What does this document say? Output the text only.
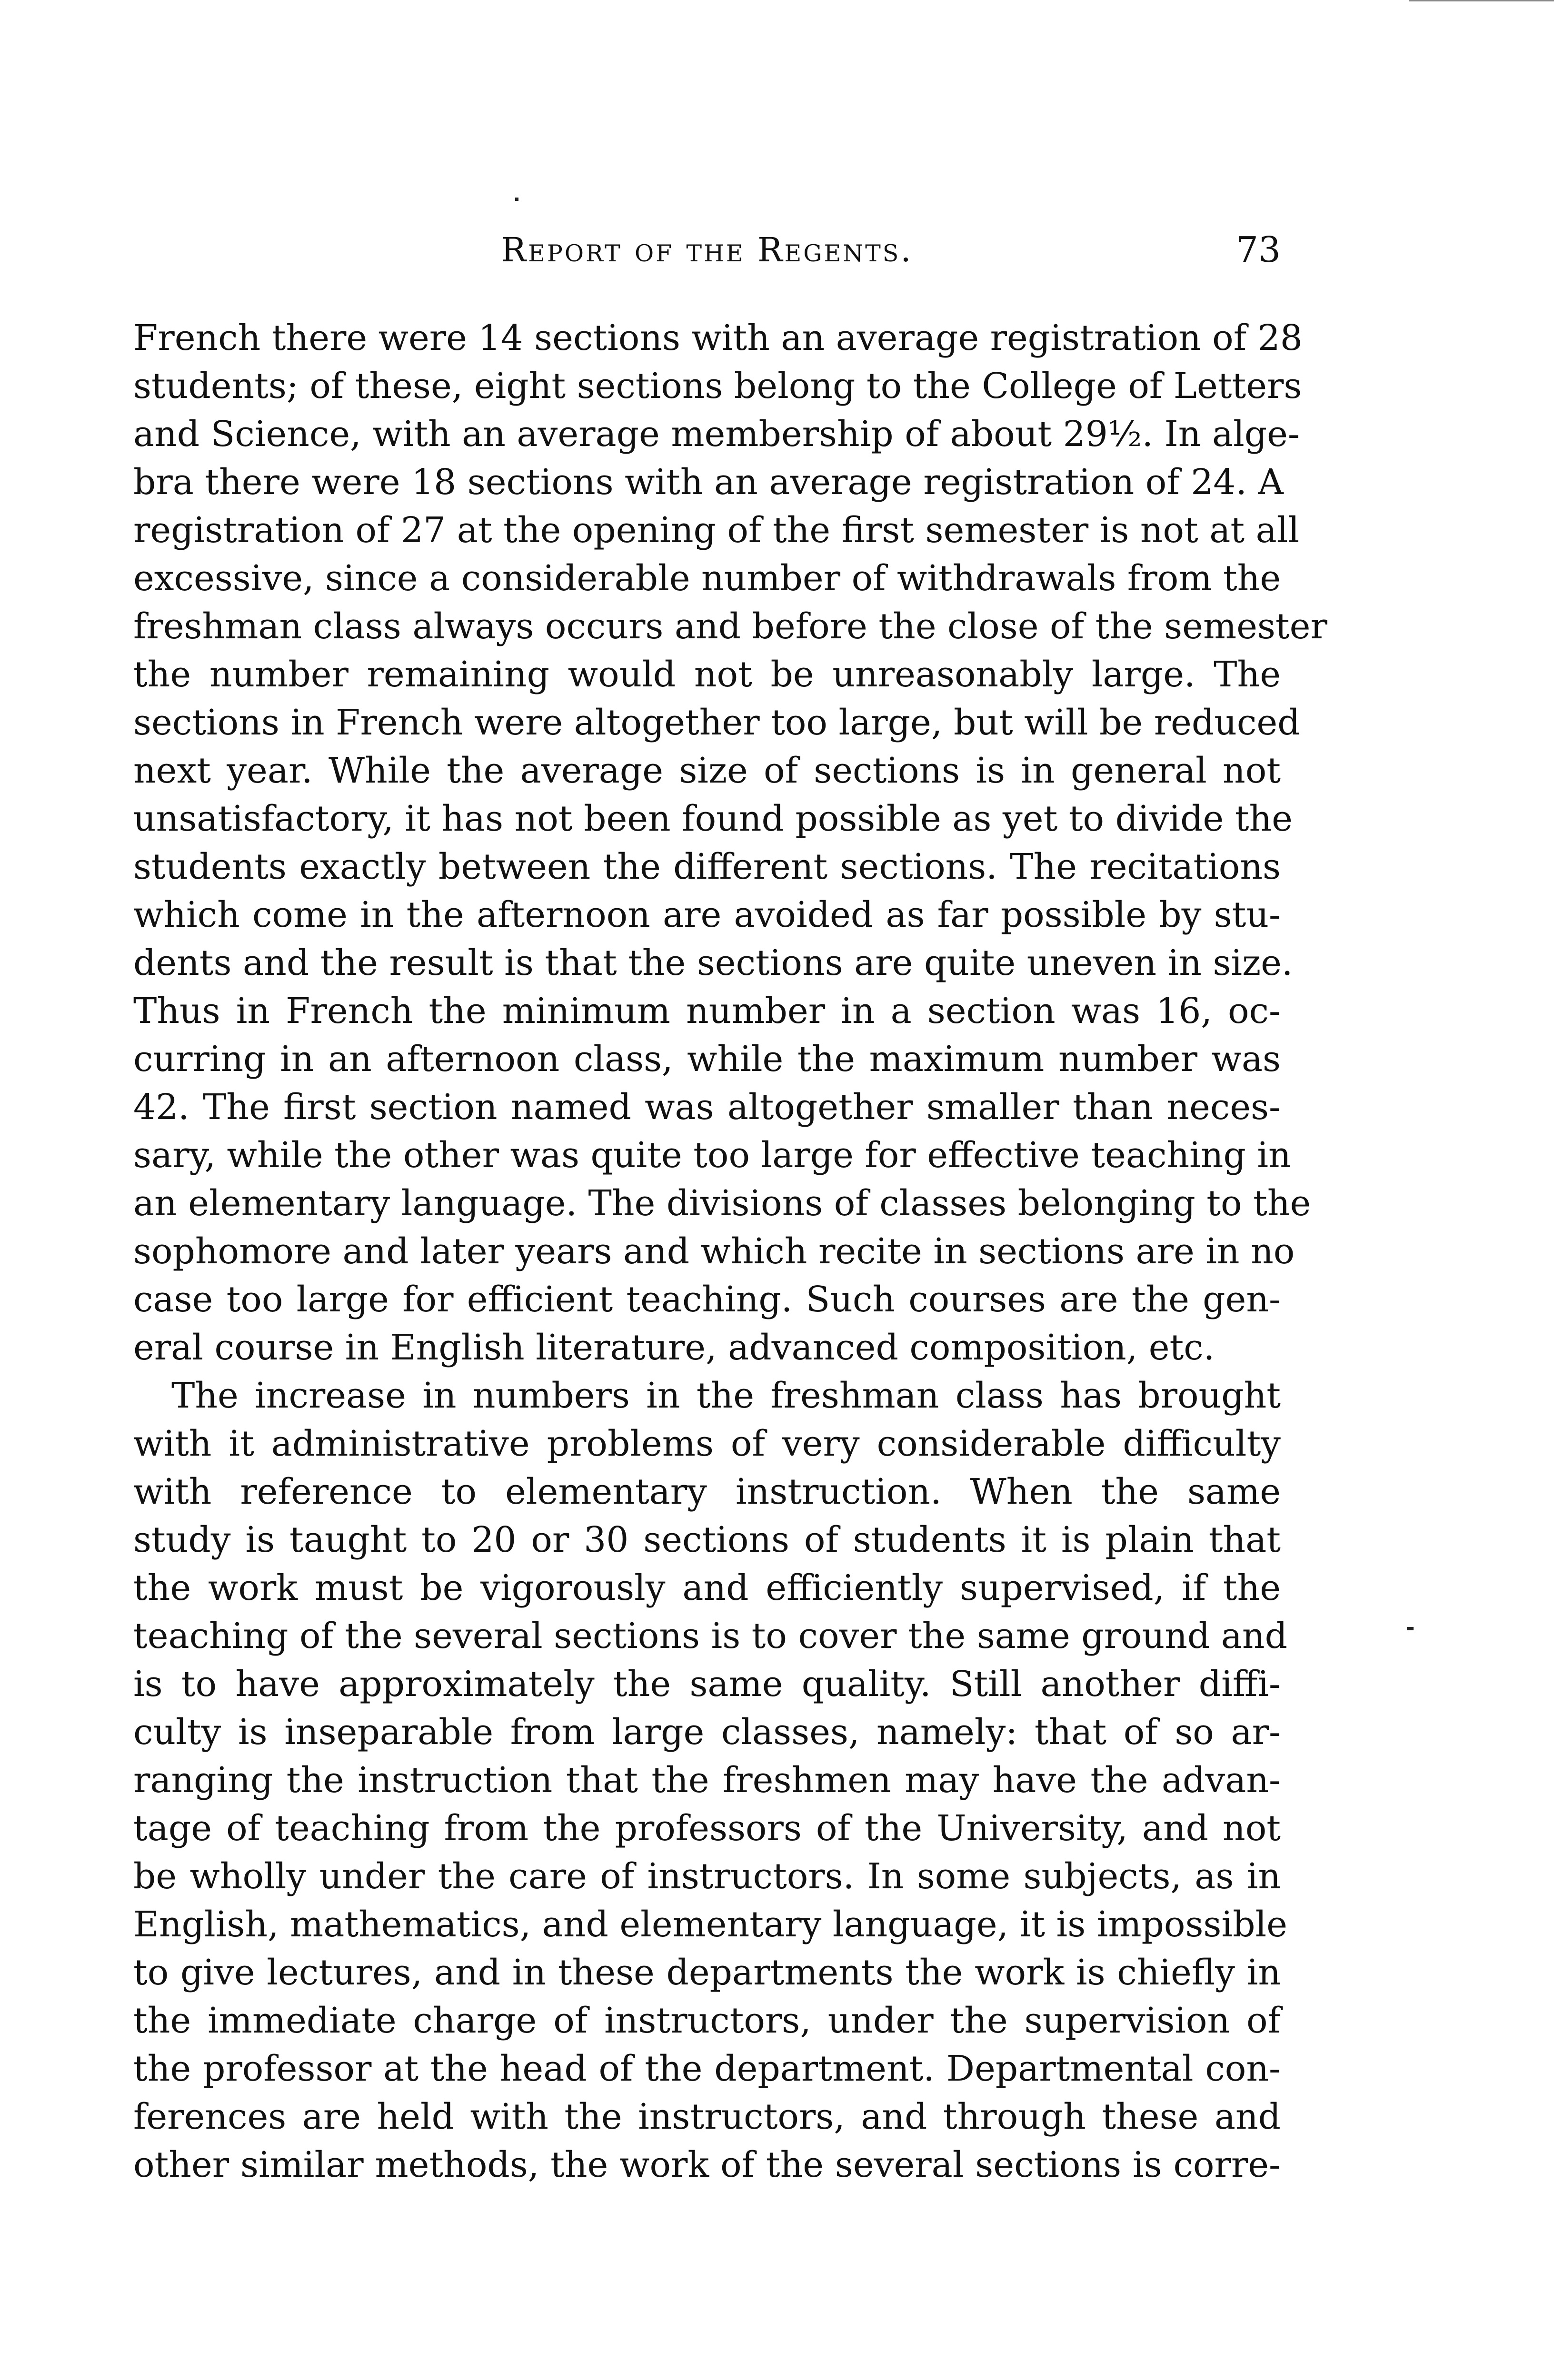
Report of the Regents.	73
French there were 14 sections with an average registration of 28
students; of these, eight sections belong to the College of Letters
and Science, with an average membership of about 29½. In alge-
bra there were 18 sections with an average registration of 24. A
registration of 27 at the opening of the first semester is not at all
excessive, since a considerable number of withdrawals from the
freshman class always occurs and before the close of the semester
the number remaining would not be unreasonably large. The
sections in French were altogether too large, but will be reduced
next year. While the average size of sections is in general not
unsatisfactory, it has not been found possible as yet to divide the
students exactly between the different sections. The recitations
which come in the afternoon are avoided as far possible by stu-
dents and the result is that the sections are quite uneven in size.
Thus in French the minimum number in a section was 16, oc-
curring in an afternoon class, while the maximum number was
42. The first section named was altogether smaller than neces-
sary, while the other was quite too large for effective teaching in
an elementary language. The divisions of classes belonging to the
sophomore and later years and which recite in sections are in no
case too large for efficient teaching. Such courses are the gen-
eral course in English literature, advanced composition, etc.
The increase in numbers in the freshman class has brought
with it administrative problems of very considerable difficulty
with reference to elementary instruction. When the same
study is taught to 20 or 30 sections of students it is plain that
the work must be vigorously and efficiently supervised, if the
teaching of the several sections is to cover the same ground and
is to have approximately the same quality. Still another diffi-
culty is inseparable from large classes, namely: that of so ar-
ranging the instruction that the freshmen may have the advan-
tage of teaching from the professors of the University, and not
be wholly under the care of instructors. In some subjects, as in
English, mathematics, and elementary language, it is impossible
to give lectures, and in these departments the work is chiefly in
the immediate charge of instructors, under the supervision of
the professor at the head of the department. Departmental con-
ferences are held with the instructors, and through these and
other similar methods, the work of the several sections is corre-
